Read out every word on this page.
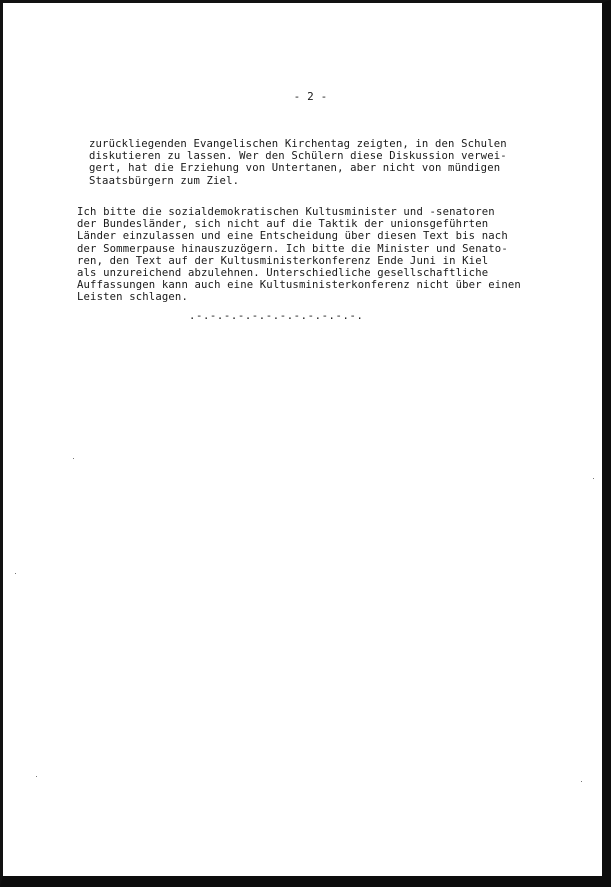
- 2 -

zurückliegenden Evangelischen Kirchentag zeigten, in den Schulen
diskutieren zu lassen. Wer den Schülern diese Diskussion verwei-
gert, hat die Erziehung von Untertanen, aber nicht von mündigen
Staatsbürgern zum Ziel.

Ich bitte die sozialdemokratischen Kultusminister und -senatoren
der Bundesländer, sich nicht auf die Taktik der unionsgeführten
Länder einzulassen und eine Entscheidung über diesen Text bis nach
der Sommerpause hinauszuzögern. Ich bitte die Minister und Senato-
ren, den Text auf der Kultusministerkonferenz Ende Juni in Kiel
als unzureichend abzulehnen. Unterschiedliche gesellschaftliche
Auffassungen kann auch eine Kultusministerkonferenz nicht über einen
Leisten schlagen.

.-.-.-.-.-.-.-.-.-.-.-.-.
